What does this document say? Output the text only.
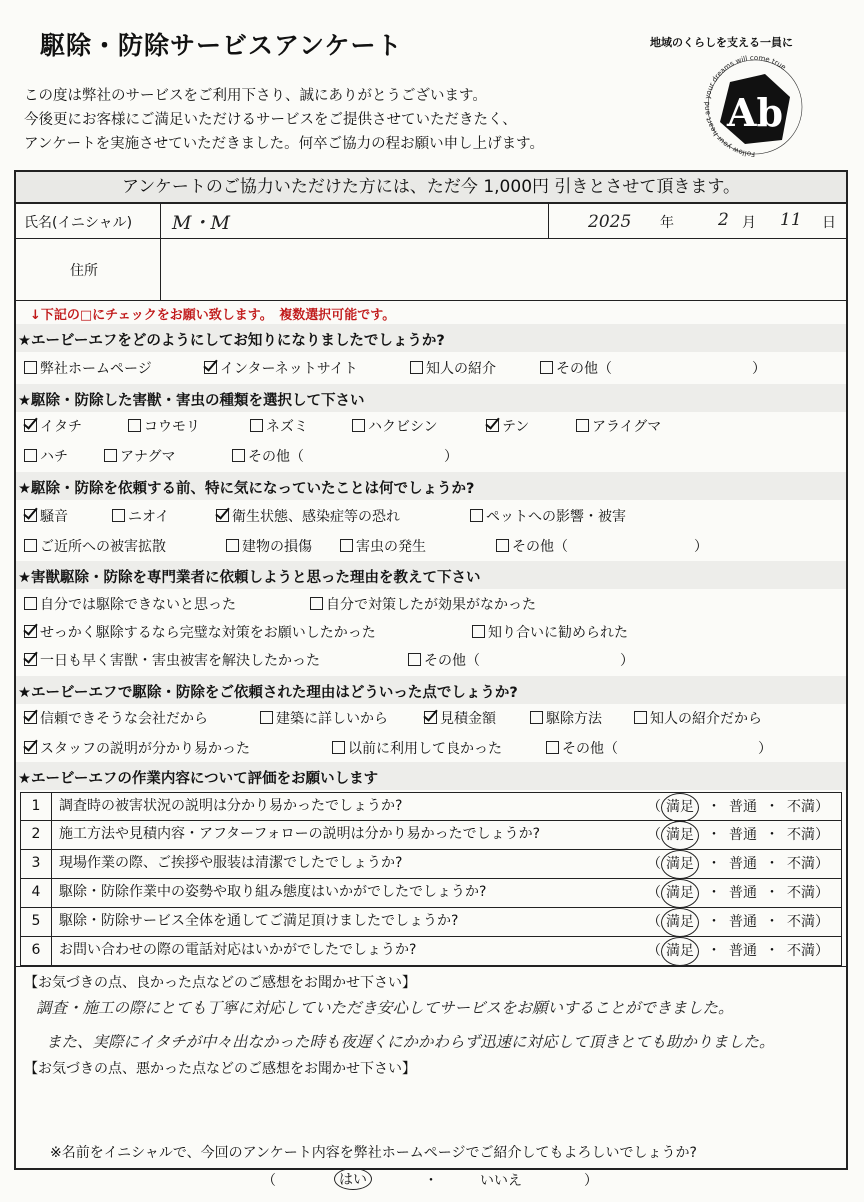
駆除・防除サービスアンケート
この度は弊社のサービスをご利用下さり、誠にありがとうございます。
今後更にお客様にご満足いただけるサービスをご提供させていただきたく、
アンケートを実施させていただきました。何卒ご協力の程お願い申し上げます。
地域のくらしを支える一員に
Ab
Follow your heart and your dreams will come true
アンケートのご協力いただけた方には、ただ今 1,000円 引きとさせて頂きます。
氏名(イニシャル) M・M	2025 年	2 月 11 日
住所
↓下記の□にチェックをお願い致します。　複数選択可能です。
★エービーエフをどのようにしてお知りになりましたでしょうか?
弊社ホームページ	インターネットサイト	知人の紹介	その他（　　　　　　　　　　）
★駆除・防除した害獣・害虫の種類を選択して下さい
イタチ	コウモリ	ネズミ	ハクビシン	テン	アライグマ
ハチ	アナグマ	その他（　　　　　　　　　　）
★駆除・防除を依頼する前、特に気になっていたことは何でしょうか?
騒音	ニオイ	衛生状態、感染症等の恐れ	ペットへの影響・被害
ご近所への被害拡散	建物の損傷	害虫の発生	その他（　　　　　　　　　）
★害獣駆除・防除を専門業者に依頼しようと思った理由を教えて下さい
自分では駆除できないと思った	自分で対策したが効果がなかった
せっかく駆除するなら完璧な対策をお願いしたかった	知り合いに勧められた
一日も早く害獣・害虫被害を解決したかった	その他（　　　　　　　　　　）
★エービーエフで駆除・防除をご依頼された理由はどういった点でしょうか?
信頼できそうな会社だから	建築に詳しいから	見積金額	駆除方法	知人の紹介だから
スタッフの説明が分かり易かった	以前に利用して良かった	その他（　　　　　　　　　　）
★エービーエフの作業内容について評価をお願いします
1	調査時の被害状況の説明は分かり易かったでしょうか?	（ 満足 ・ 普通 ・ 不満）
2	施工方法や見積内容・アフターフォローの説明は分かり易かったでしょうか?	（ 満足 ・ 普通 ・ 不満）
3	現場作業の際、ご挨拶や服装は清潔でしたでしょうか?	（ 満足 ・ 普通 ・ 不満）
4	駆除・防除作業中の姿勢や取り組み態度はいかがでしたでしょうか?	（ 満足 ・ 普通 ・ 不満）
5	駆除・防除サービス全体を通してご満足頂けましたでしょうか?	（ 満足 ・ 普通 ・ 不満）
6	お問い合わせの際の電話対応はいかがでしたでしょうか?	（ 満足 ・ 普通 ・ 不満）
【お気づきの点、良かった点などのご感想をお聞かせ下さい】
調査・施工の際にとても丁寧に対応していただき安心してサービスをお願いすることができました。
また、実際にイタチが中々出なかった時も夜遅くにかかわらず迅速に対応して頂きとても助かりました。
【お気づきの点、悪かった点などのご感想をお聞かせ下さい】
※名前をイニシャルで、今回のアンケート内容を弊社ホームページでご紹介してもよろしいでしょうか?
（	はい	・	いいえ	）
